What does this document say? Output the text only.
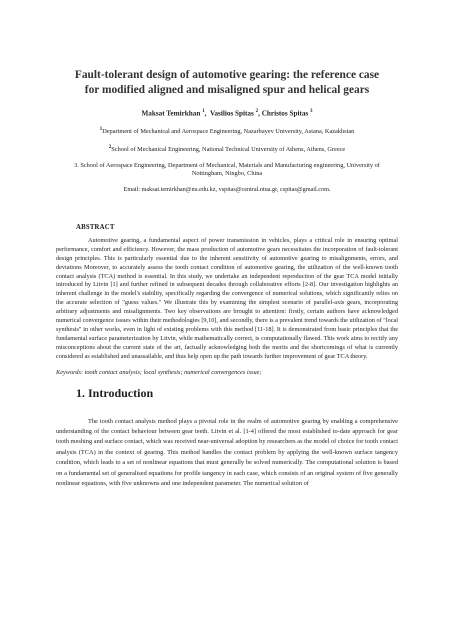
Fault-tolerant design of automotive gearing: the reference case
for modified aligned and misaligned spur and helical gears
Maksat Temirkhan $^1$,  Vasilios Spitas $^2$, Christos Spitas $^3$
$^1$Department of Mechanical and Aerospace Engineering, Nazarbayev University, Astana, Kazakhstan
$^2$School of Mechanical Engineering, National Technical University of Athens, Athens, Greece
3. School of Aerospace Engineering, Department of Mechanical, Materials and Manufacturing engineering, University of Nottingham, Ningbo, China
Email: maksat.temirkhan@nu.edu.kz, vspitas@central.ntua.gr, cspitas@gmail.com.
ABSTRACT

Automotive gearing, a fundamental aspect of power transmission in vehicles, plays a critical role in ensuring optimal performance, comfort and efficiency. However, the mass production of automotive gears necessitates the incorporation of fault-tolerant design principles. This is particularly essential due to the inherent sensitivity of automotive gearing to misalignments, errors, and deviations Moreover, to accurately assess the tooth contact condition of automotive gearing, the utilization of the well-known tooth contact analysis (TCA) method is essential. In this study, we undertake an independent reproduction of the gear TCA model initially introduced by Litvin [1] and further refined in subsequent decades through collaborative efforts [2-8]. Our investigation highlights an inherent challenge in the model's stability, specifically regarding the convergence of numerical solutions, which significantly relies on the accurate selection of "guess values." We illustrate this by examining the simplest scenario of parallel-axis gears, incorporating arbitrary adjustments and misalignments. Two key observations are brought to attention: firstly, certain authors have acknowledged numerical convergence issues within their methodologies [9,10], and secondly, there is a prevalent trend towards the utilization of "local synthesis" in other works, even in light of existing problems with this method [11-18]. It is demonstrated from basic principles that the fundamental surface parameterization by Litvin, while mathematically correct, is computationally flawed. This work aims to rectify any misconceptions about the current state of the art, factually acknowledging both the merits and the shortcomings of what is currently considered as established and unassailable, and thus help open up the path towards further improvement of gear TCA theory.

Keywords: tooth contact analysis; local synthesis; numerical convergences issue;
1. Introduction

The tooth contact analysis method plays a pivotal role in the realm of automotive gearing by enabling a comprehensive understanding of the contact behaviour between gear teeth. Litvin et al. [1-4] offered the most established to-date approach for gear tooth meshing and surface contact, which was received near-universal adoption by researchers as the model of choice for tooth contact analysis (TCA) in the context of gearing. This method handles the contact problem by applying the well-known surface tangency condition, which leads to a set of nonlinear equations that must generally be solved numerically. The computational solution is based on a fundamental set of generalised equations for profile tangency in each case, which consists of an original system of five generally nonlinear equations, with five unknowns and one independent parameter. The numerical solution of
